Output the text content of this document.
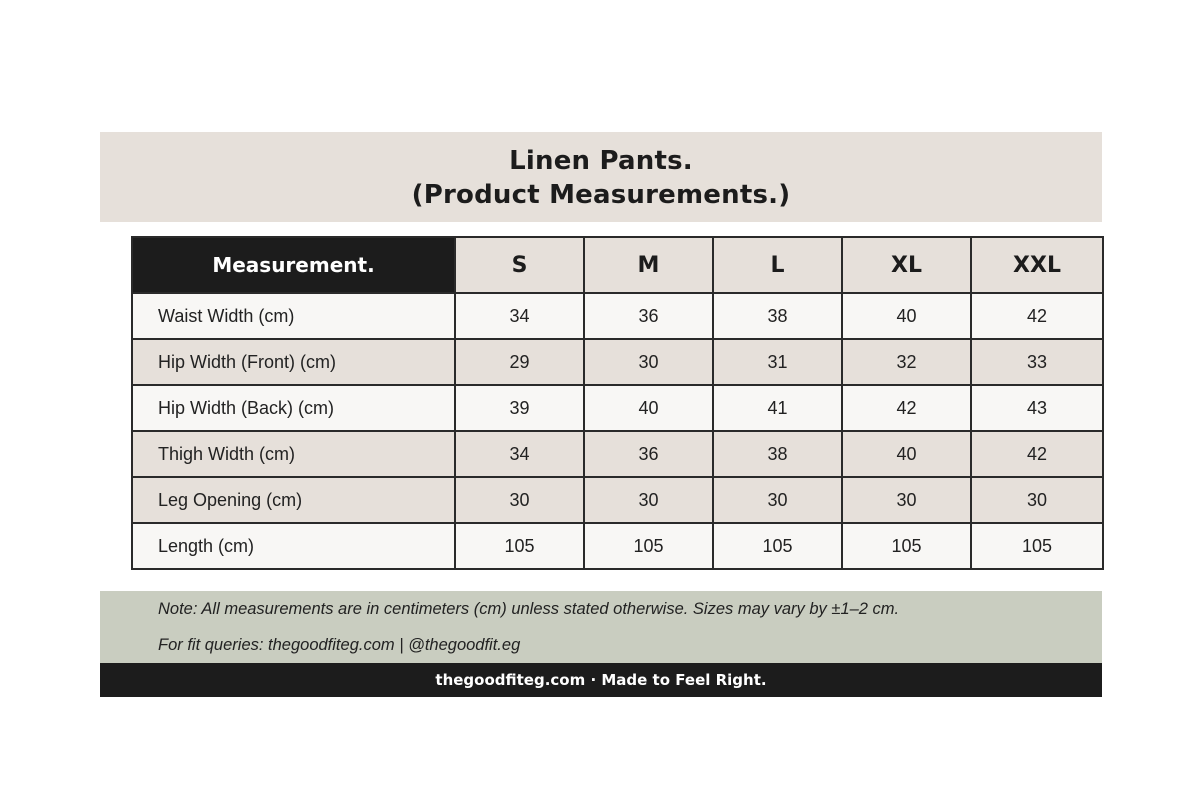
Linen Pants.
(Product Measurements.)
Measurement.	S	M	L	XL	XXL
Waist Width (cm)	34	36	38	40	42
Hip Width (Front) (cm)	29	30	31	32	33
Hip Width (Back) (cm)	39	40	41	42	43
Thigh Width (cm)	34	36	38	40	42
Leg Opening (cm)	30	30	30	30	30
Length (cm)	105	105	105	105	105
Note: All measurements are in centimeters (cm) unless stated otherwise. Sizes may vary by ±1–2 cm.
For fit queries: thegoodfiteg.com | @thegoodfit.eg
thegoodfiteg.com · Made to Feel Right.
